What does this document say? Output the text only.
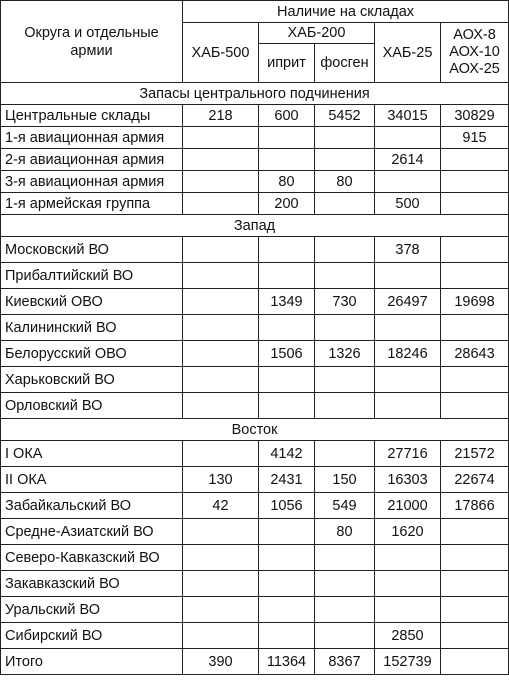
Округа и отдельные армии	Наличие на складах				
	ХАБ-500	ХАБ-200		ХАБ-25	АОХ-8
АОХ-10
АОХ-25

		иприт	фосген		
Запасы центрального подчинения					
Центральные склады	218	600	5452	34015	30829
1-я авиационная армия					915
2-я авиационная армия				2614	
3-я авиационная армия		80	80		
1-я армейская группа		200		500	
Запад					
Московский ВО				378	
Прибалтийский ВО					
Киевский ОВО		1349	730	26497	19698
Калининский ВО					
Белорусский ОВО		1506	1326	18246	28643
Харьковский ВО					
Орловский ВО					
Восток					
I ОКА		4142		27716	21572
II ОКА	130	2431	150	16303	22674
Забайкальский ВО	42	1056	549	21000	17866
Средне-Азиатский ВО			80	1620	
Северо-Кавказский ВО					
Закавказский ВО					
Уральский ВО					
Сибирский ВО				2850	
Итого	390	11364	8367	152739	
